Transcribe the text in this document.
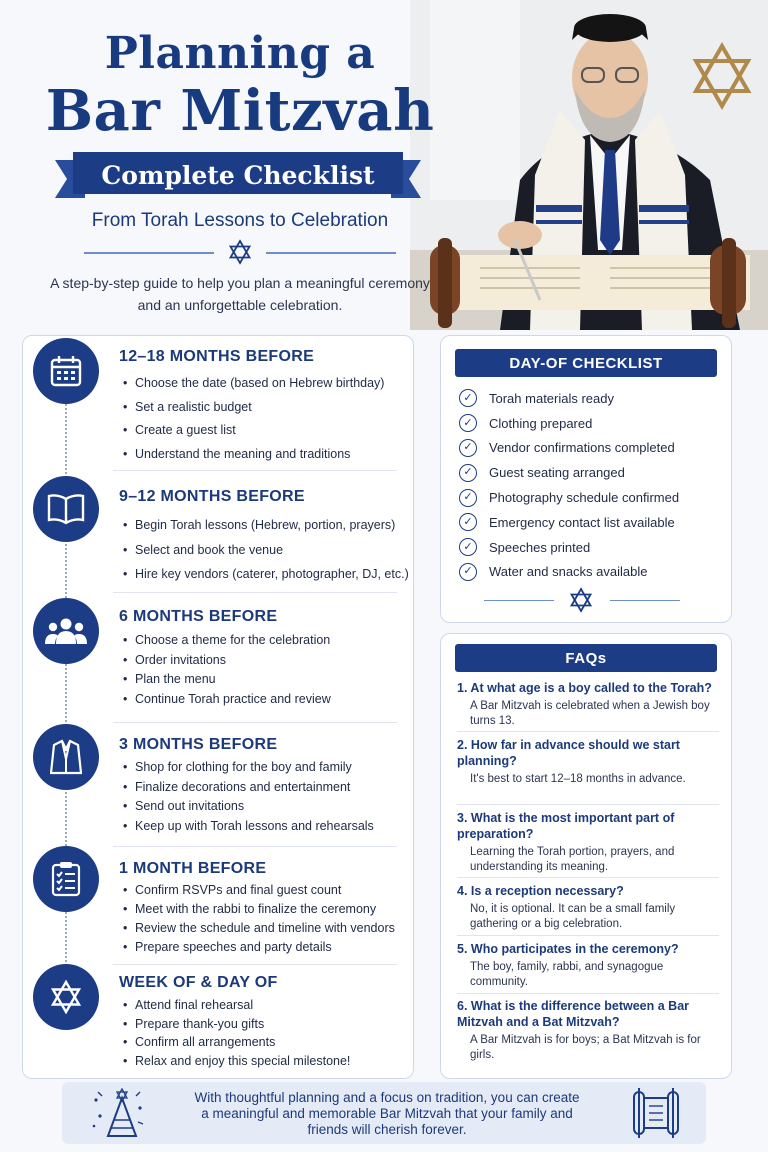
Planning a
Bar Mitzvah
Complete Checklist
From Torah Lessons to Celebration
A step-by-step guide to help you plan a meaningful ceremony and an unforgettable celebration.
12–18 MONTHS BEFORE
• Choose the date (based on Hebrew birthday)
• Set a realistic budget
• Create a guest list
• Understand the meaning and traditions
9–12 MONTHS BEFORE
• Begin Torah lessons (Hebrew, portion, prayers)
• Select and book the venue
• Hire key vendors (caterer, photographer, DJ, etc.)
6 MONTHS BEFORE
• Choose a theme for the celebration
• Order invitations
• Plan the menu
• Continue Torah practice and review
3 MONTHS BEFORE
• Shop for clothing for the boy and family
• Finalize decorations and entertainment
• Send out invitations
• Keep up with Torah lessons and rehearsals
1 MONTH BEFORE
• Confirm RSVPs and final guest count
• Meet with the rabbi to finalize the ceremony
• Review the schedule and timeline with vendors
• Prepare speeches and party details
WEEK OF & DAY OF
• Attend final rehearsal
• Prepare thank-you gifts
• Confirm all arrangements
• Relax and enjoy this special milestone!
DAY-OF CHECKLIST
✓	Torah materials ready
✓	Clothing prepared
✓	Vendor confirmations completed
✓	Guest seating arranged
✓	Photography schedule confirmed
✓	Emergency contact list available
✓	Speeches printed
✓	Water and snacks available
FAQs
1. At what age is a boy called to the Torah?
A Bar Mitzvah is celebrated when a Jewish boy turns 13.
2. How far in advance should we start planning?
It's best to start 12–18 months in advance.
3. What is the most important part of preparation?
Learning the Torah portion, prayers, and understanding its meaning.
4. Is a reception necessary?
No, it is optional. It can be a small family gathering or a big celebration.
5. Who participates in the ceremony?
The boy, family, rabbi, and synagogue community.
6. What is the difference between a Bar Mitzvah and a Bat Mitzvah?
A Bar Mitzvah is for boys; a Bat Mitzvah is for girls.
With thoughtful planning and a focus on tradition, you can create a meaningful and memorable Bar Mitzvah that your family and friends will cherish forever.
